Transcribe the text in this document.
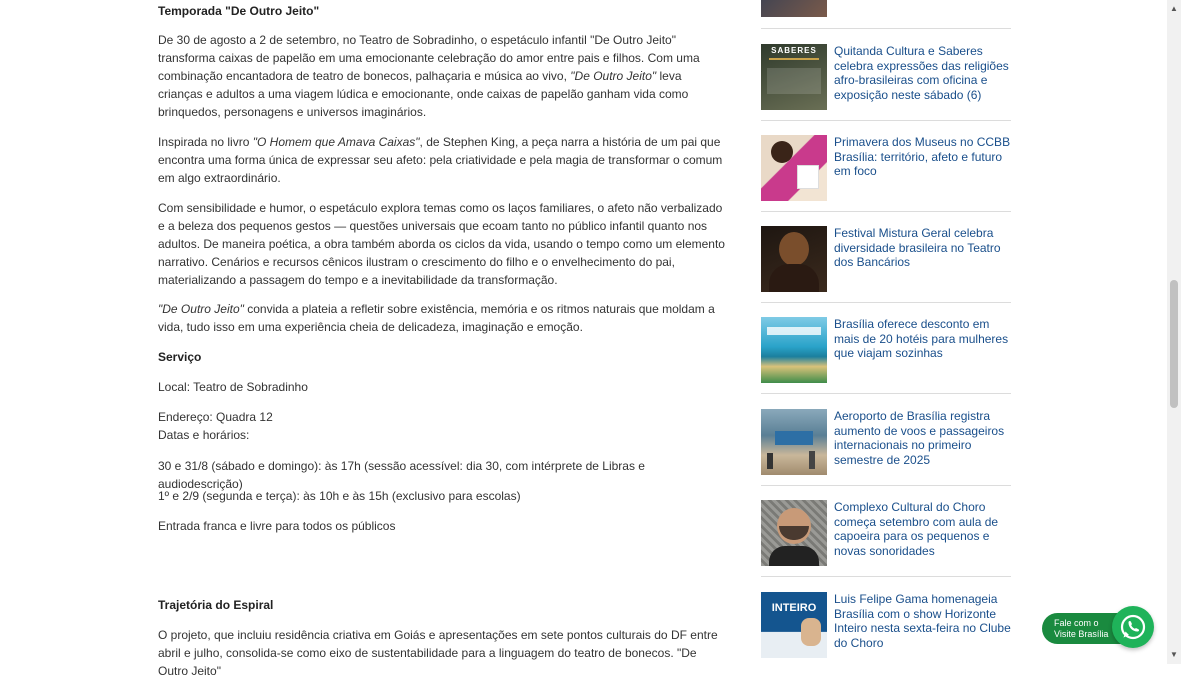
Temporada "De Outro Jeito"

De 30 de agosto a 2 de setembro, no Teatro de Sobradinho, o espetáculo infantil "De Outro Jeito" transforma caixas de papelão em uma emocionante celebração do amor entre pais e filhos. Com uma combinação encantadora de teatro de bonecos, palhaçaria e música ao vivo, "De Outro Jeito" leva crianças e adultos a uma viagem lúdica e emocionante, onde caixas de papelão ganham vida como brinquedos, personagens e universos imaginários.

Inspirada no livro "O Homem que Amava Caixas", de Stephen King, a peça narra a história de um pai que encontra uma forma única de expressar seu afeto: pela criatividade e pela magia de transformar o comum em algo extraordinário.

Com sensibilidade e humor, o espetáculo explora temas como os laços familiares, o afeto não verbalizado e a beleza dos pequenos gestos — questões universais que ecoam tanto no público infantil quanto nos adultos. De maneira poética, a obra também aborda os ciclos da vida, usando o tempo como um elemento narrativo. Cenários e recursos cênicos ilustram o crescimento do filho e o envelhecimento do pai, materializando a passagem do tempo e a inevitabilidade da transformação.

"De Outro Jeito" convida a plateia a refletir sobre existência, memória e os ritmos naturais que moldam a vida, tudo isso em uma experiência cheia de delicadeza, imaginação e emoção.

Serviço
Local: Teatro de Sobradinho
Endereço: Quadra 12
Datas e horários:
30 e 31/8 (sábado e domingo): às 17h (sessão acessível: dia 30, com intérprete de Libras e audiodescrição)
1º e 2/9 (segunda e terça): às 10h e às 15h (exclusivo para escolas)
Entrada franca e livre para todos os públicos
Trajetória do Espiral

O projeto, que incluiu residência criativa em Goiás e apresentações em sete pontos culturais do DF entre abril e julho, consolida-se como eixo de sustentabilidade para a linguagem do teatro de bonecos. "De Outro Jeito"

SABERES	Quitanda Cultura e Saberes celebra expressões das religiões afro-brasileiras com oficina e exposição neste sábado (6)
Primavera dos Museus no CCBB Brasília: território, afeto e futuro em foco
Festival Mistura Geral celebra diversidade brasileira no Teatro dos Bancários
Brasília oferece desconto em mais de 20 hotéis para mulheres que viajam sozinhas
Aeroporto de Brasília registra aumento de voos e passageiros internacionais no primeiro semestre de 2025
Complexo Cultural do Choro começa setembro com aula de capoeira para os pequenos e novas sonoridades
INTEIRO
Luis Felipe Gama homenageia Brasília com o show Horizonte Inteiro nesta sexta-feira no Clube do Choro
Fale com o
Visite Brasília
▲
▼
